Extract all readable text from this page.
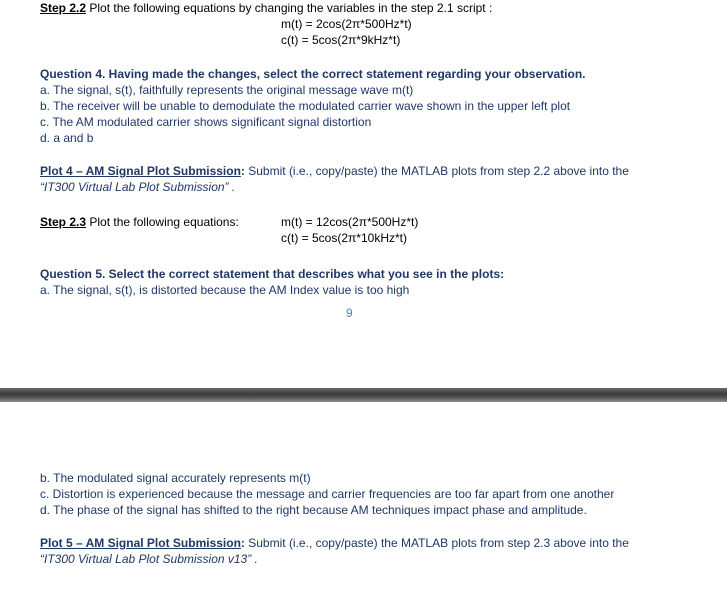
Step 2.2 Plot the following equations by changing the variables in the step 2.1 script :
m(t) = 2cos(2π*500Hz*t)
c(t) = 5cos(2π*9kHz*t)
Question 4. Having made the changes, select the correct statement regarding your observation.
a. The signal, s(t), faithfully represents the original message wave m(t)
b. The receiver will be unable to demodulate the modulated carrier wave shown in the upper left plot
c. The AM modulated carrier shows significant signal distortion
d. a and b
Plot 4 – AM Signal Plot Submission: Submit (i.e., copy/paste) the MATLAB plots from step 2.2 above into the
“IT300 Virtual Lab Plot Submission” .
Step 2.3 Plot the following equations:	m(t) = 12cos(2π*500Hz*t)
c(t) = 5cos(2π*10kHz*t)
Question 5. Select the correct statement that describes what you see in the plots:
a. The signal, s(t), is distorted because the AM Index value is too high
9
b. The modulated signal accurately represents m(t)
c. Distortion is experienced because the message and carrier frequencies are too far apart from one another
d. The phase of the signal has shifted to the right because AM techniques impact phase and amplitude.
Plot 5 – AM Signal Plot Submission: Submit (i.e., copy/paste) the MATLAB plots from step 2.3 above into the
“IT300 Virtual Lab Plot Submission v13” .
